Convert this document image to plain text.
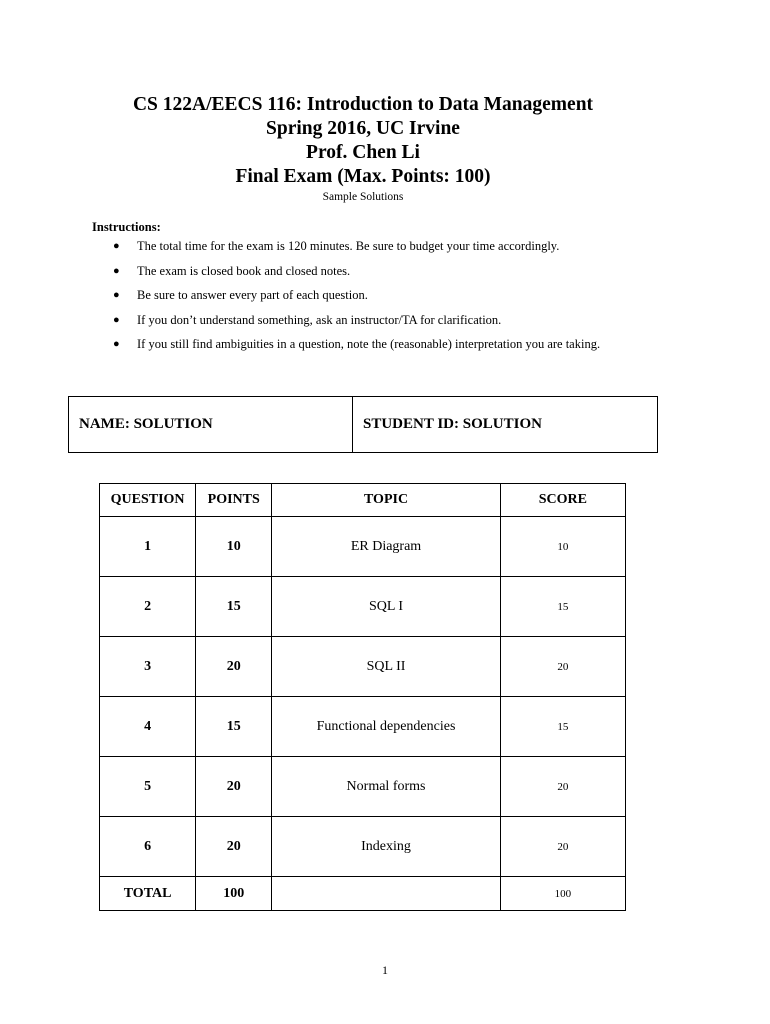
CS 122A/EECS 116: Introduction to Data Management
Spring 2016, UC Irvine
Prof. Chen Li
Final Exam (Max. Points: 100)
Sample Solutions
Instructions:
● The total time for the exam is 120 minutes. Be sure to budget your time accordingly.
● The exam is closed book and closed notes.
● Be sure to answer every part of each question.
● If you don’t understand something, ask an instructor/TA for clarification.
● If you still find ambiguities in a question, note the (reasonable) interpretation you are taking.
NAME: SOLUTION	STUDENT ID: SOLUTION
QUESTION	POINTS	TOPIC	SCORE
1	10	ER Diagram	10
2	15	SQL I	15
3	20	SQL II	20
4	15	Functional dependencies	15
5	20	Normal forms	20
6	20	Indexing	20
TOTAL	100		100
1
